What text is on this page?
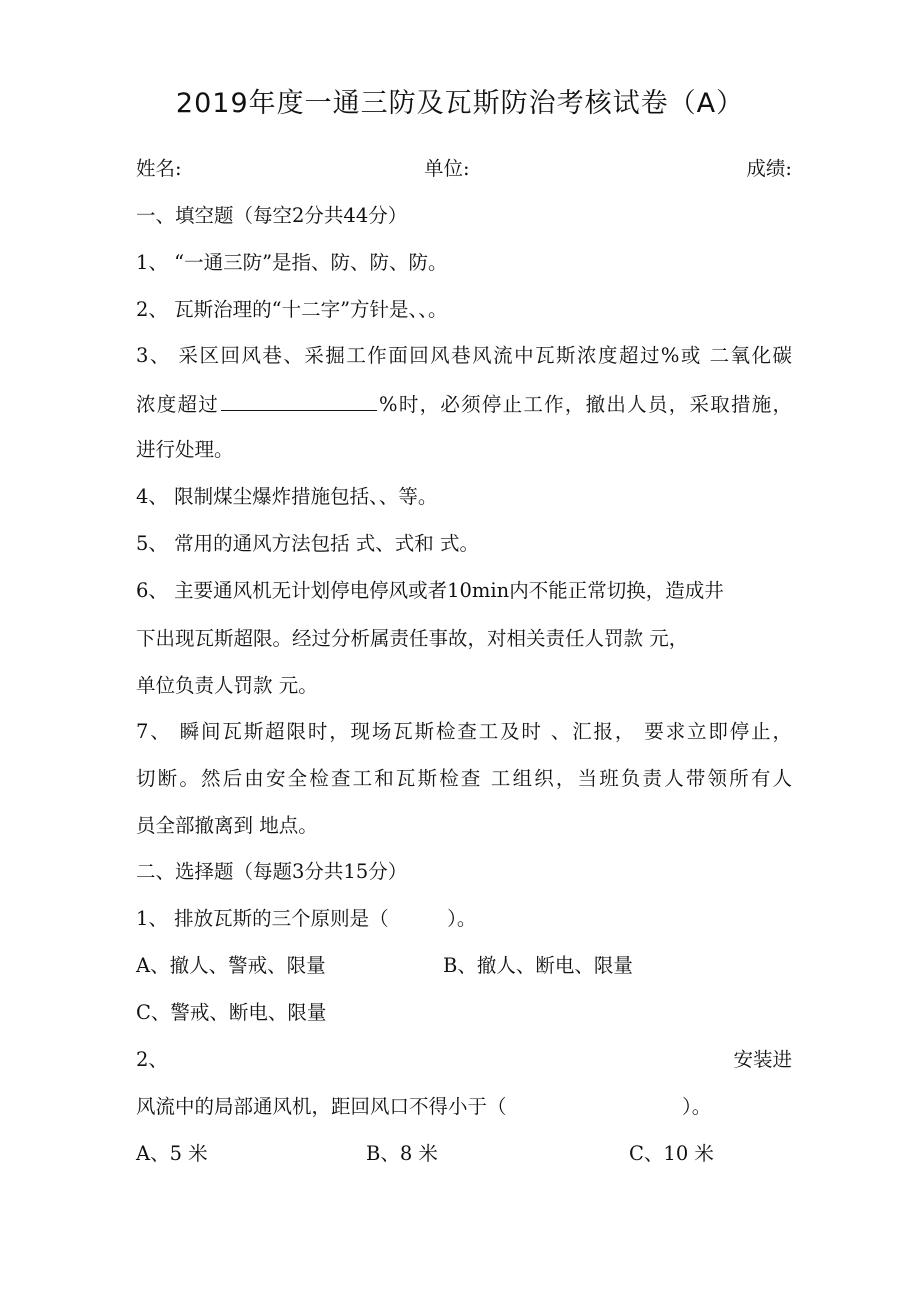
2019年度一通三防及瓦斯防治考核试卷（A）
姓名:	单位:	成绩:
一、填空题（每空2分共44分）
1、 “一通三防”是指、防、防、防。
2、 瓦斯治理的“十二字”方针是、、。
3、 采区回风巷、采掘工作面回风巷风流中瓦斯浓度超过%或 二氧化碳
浓度超过	%时，必须停止工作，撤出人员，采取措施，
进行处理。
4、 限制煤尘爆炸措施包括、、等。
5、 常用的通风方法包括 式、式和 式。
6、 主要通风机无计划停电停风或者10min内不能正常切换，造成井
下出现瓦斯超限。经过分析属责任事故，对相关责任人罚款 元，
单位负责人罚款 元。
7、 瞬间瓦斯超限时，现场瓦斯检查工及时 、汇报， 要求立即停止，
切断。然后由安全检查工和瓦斯检查 工组织，当班负责人带领所有人
员全部撤离到 地点。
二、选择题（每题3分共15分）
1、 排放瓦斯的三个原则是（　　　）。
A、撤人、警戒、限量	B、撤人、断电、限量
C、警戒、断电、限量
2、	安装进
风流中的局部通风机，距回风口不得小于（　　　　　　　　　）。
A、5 米	B、8 米	C、10 米
